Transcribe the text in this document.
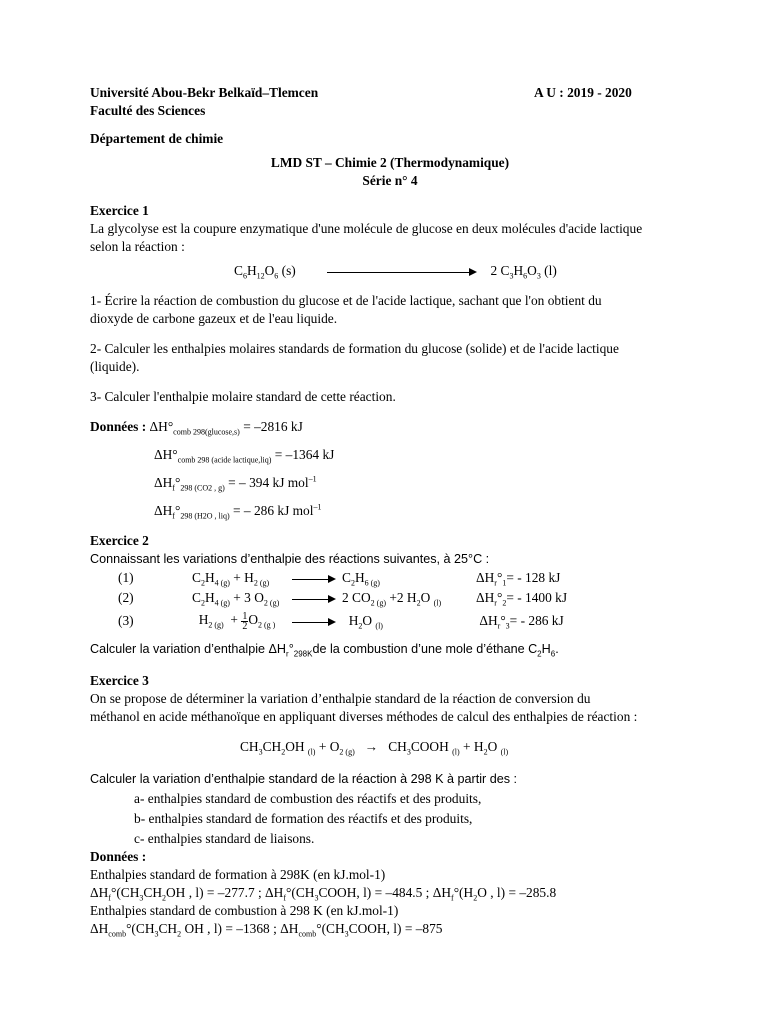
Université Abou-Bekr Belkaïd–Tlemcen	A U : 2019 - 2020
Faculté des Sciences
Département de chimie
LMD ST – Chimie 2 (Thermodynamique)
Série n° 4
Exercice 1
La glycolyse est la coupure enzymatique d'une molécule de glucose en deux molécules d'acide lactique
selon la réaction :
$C_6H_{12}O_6$ (s)	2 $C_3H_6O_3$ (l)
1- Écrire la réaction de combustion du glucose et de l'acide lactique, sachant que l'on obtient du
dioxyde de carbone gazeux et de l'eau liquide.
2- Calculer les enthalpies molaires standards de formation du glucose (solide) et de l'acide lactique
(liquide).
3- Calculer l'enthalpie molaire standard de cette réaction.
Données : $\Delta H^\circ_{comb 298(glucose,s)} = -2816$ kJ
$\Delta H^\circ_{comb 298 (acide lactique,liq)} = -1364$ kJ
$\Delta H_f^\circ_{298 (CO2 , g)}$ = – 394 kJ mol$^{-1}$
$\Delta H_f^\circ_{298 (H2O , liq)}$ = – 286 kJ mol$^{-1}$
Exercice 2
Connaissant les variations d’enthalpie des réactions suivantes, à 25°C :
(1)	$C_2H_{4 (g)} + H_{2 (g)}$		$C_2H_{6 (g)}$	$\Delta H_r^\circ_1= - 128$ kJ
(2)	$C_2H_{4 (g)} + 3$ $O_{2 (g)}$		2 $CO_{2 (g)} +2$ $H_2O$ $_{(l)}$	$\Delta H_r^\circ_2= - 1400$ kJ
(3)	$H_{2 (g)} + \frac{1}{2} O_{2 (g )}$		$H_2O$ $_{(l)}$	$\Delta H_r^\circ_3= - 286$ kJ
Calculer la variation d’enthalpie $\Delta H_r^\circ_{298K}de$ la combustion d’une mole d’éthane $C_2H_6$.
Exercice 3
On se propose de déterminer la variation d’enthalpie standard de la réaction de conversion du
méthanol en acide méthanoïque en appliquant diverses méthodes de calcul des enthalpies de réaction :
$CH_3CH_2OH$ $_{(l)} + O_{2 (g)}$   →   $CH_3COOH$ $_{(l)} + H_2O$ $_{(l)}$
Calculer la variation d’enthalpie standard de la réaction à 298 K à partir des :
a- enthalpies standard de combustion des réactifs et des produits,
b- enthalpies standard de formation des réactifs et des produits,
c- enthalpies standard de liaisons.
Données :
Enthalpies standard de formation à 298K (en kJ.mol-1)
$\Delta H_f^\circ(CH_3CH_2OH$ , l) = –277.7 ; $\Delta H_f^\circ(CH_3COOH$, l) = –484.5 ; $\Delta H_f^\circ(H_2O$ , l) = –285.8
Enthalpies standard de combustion à 298 K (en kJ.mol-1)
$\Delta H_{comb}^\circ(CH_3CH_2$ OH , l) = –1368 ; $\Delta H_{comb}^\circ(CH_3COOH$, l) = –875
